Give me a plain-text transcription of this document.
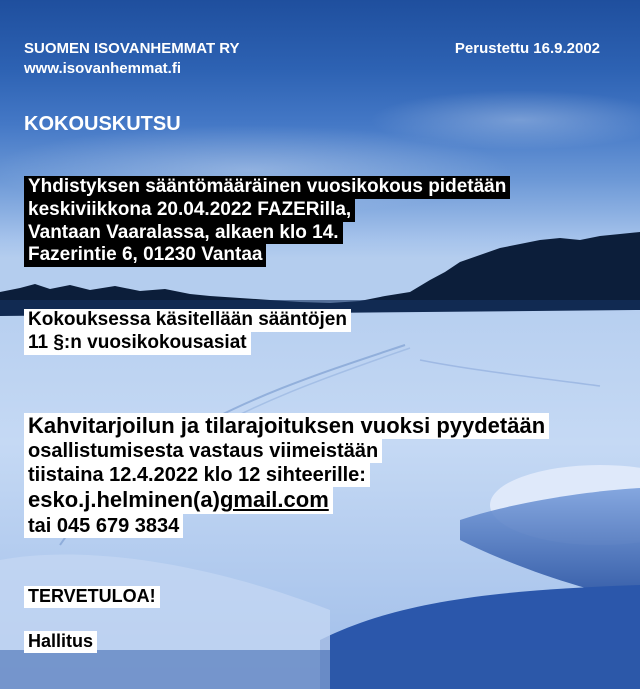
SUOMEN ISOVANHEMMAT RY
www.isovanhemmat.fi
Perustettu 16.9.2002
KOKOUSKUTSU
Yhdistyksen sääntömääräinen vuosikokous pidetään
keskiviikkona 20.04.2022 FAZERilla,
Vantaan Vaaralassa, alkaen klo 14.
Fazerintie 6, 01230 Vantaa
Kokouksessa käsitellään sääntöjen
11 §:n vuosikokousasiat
Kahvitarjoilun ja tilarajoituksen vuoksi pyydetään
osallistumisesta vastaus viimeistään
tiistaina 12.4.2022 klo 12 sihteerille:
esko.j.helminen(a)gmail.com
tai 045 679 3834
TERVETULOA!
Hallitus
